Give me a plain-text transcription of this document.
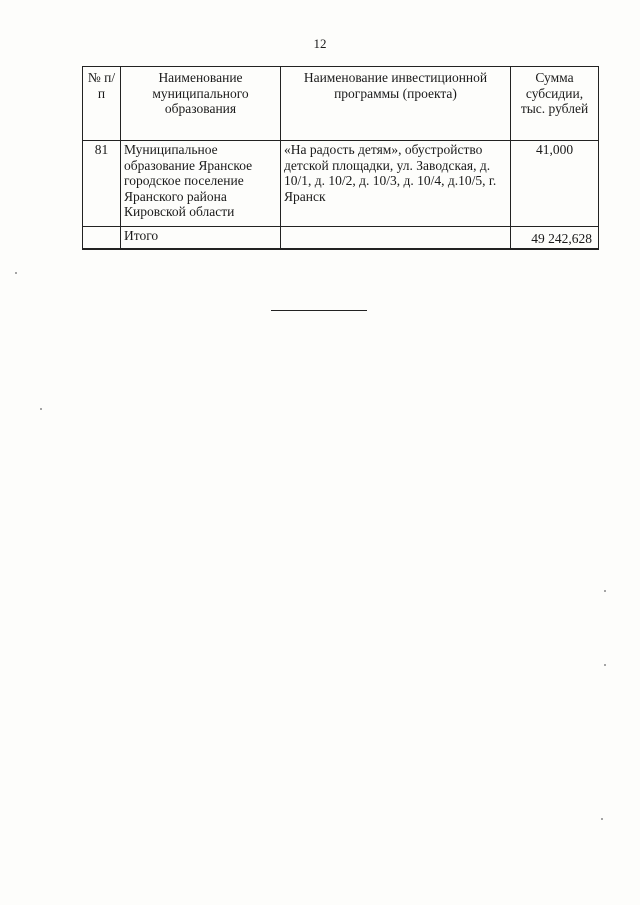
12
№ п/п	Наименование муниципального образования	Наименование инвестиционной программы (проекта)	Сумма субсидии, тыс. рублей
81	Муниципальное образование Яранское городское поселение Яранского района Кировской области	«На радость детям», обустройство детской площадки, ул. Заводская, д. 10/1, д. 10/2, д. 10/3, д. 10/4, д.10/5, г. Яранск	41,000
	Итого		49 242,628
